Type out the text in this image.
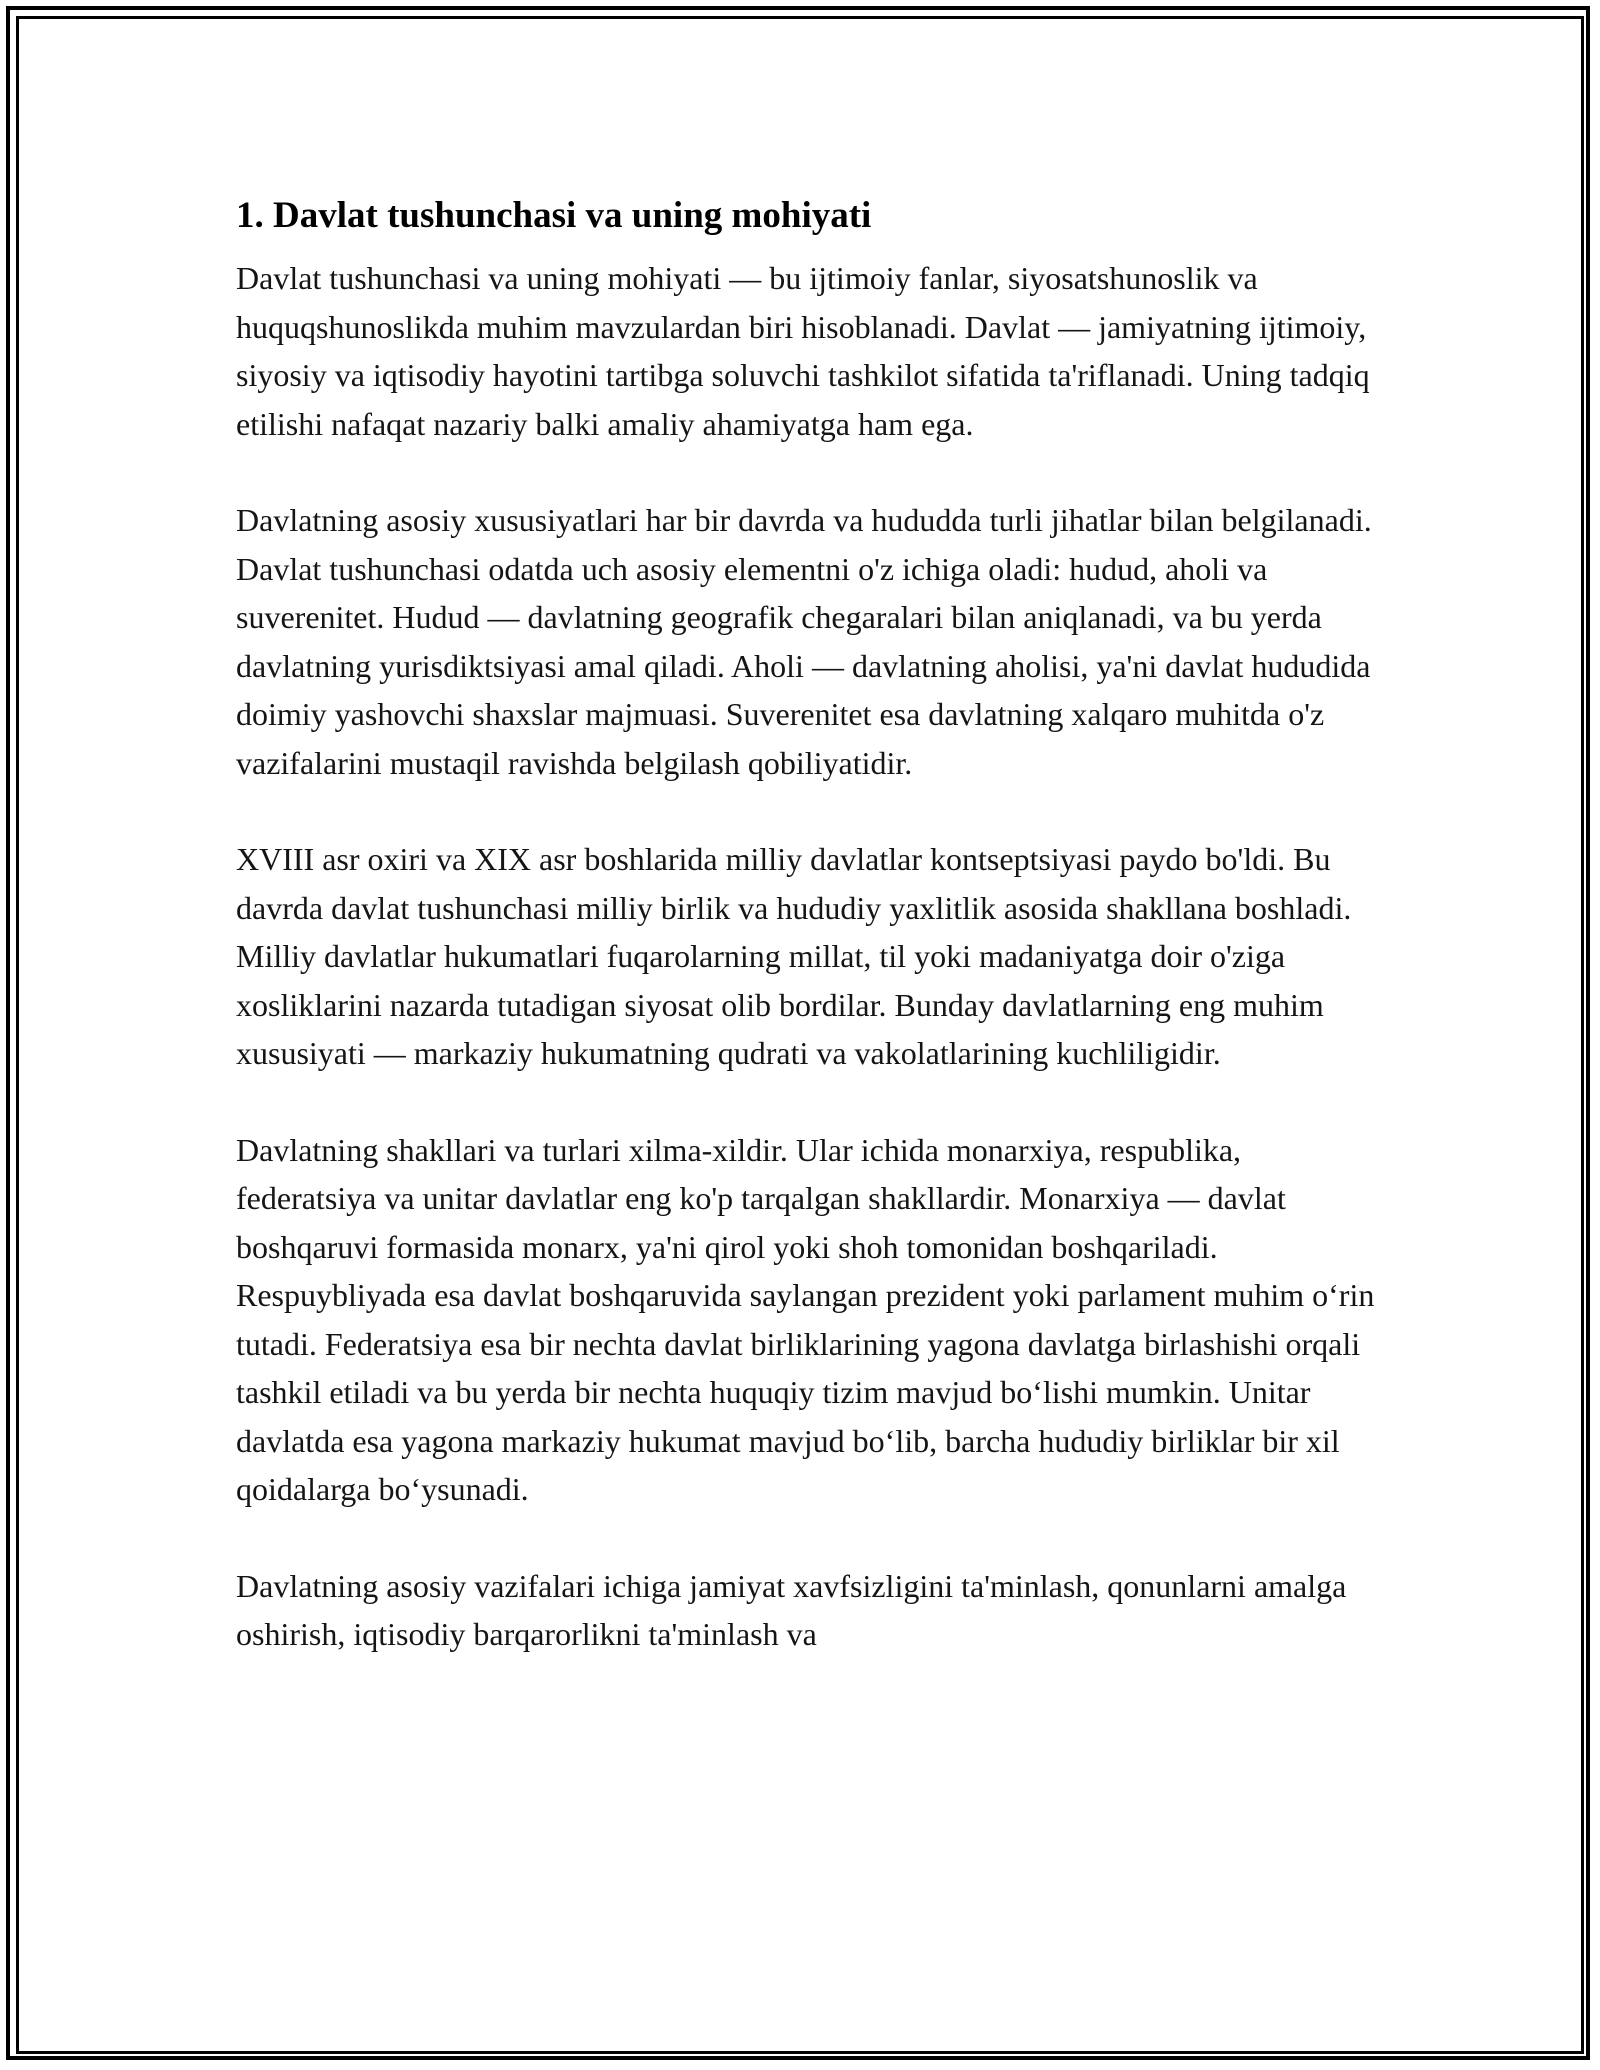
1. Davlat tushunchasi va uning mohiyati

Davlat tushunchasi va uning mohiyati — bu ijtimoiy fanlar, siyosatshunoslik va huquqshunoslikda muhim mavzulardan biri hisoblanadi. Davlat — jamiyatning ijtimoiy, siyosiy va iqtisodiy hayotini tartibga soluvchi tashkilot sifatida ta'riflanadi. Uning tadqiq etilishi nafaqat nazariy balki amaliy ahamiyatga ham ega.

Davlatning asosiy xususiyatlari har bir davrda va hududda turli jihatlar bilan belgilanadi. Davlat tushunchasi odatda uch asosiy elementni o'z ichiga oladi: hudud, aholi va suverenitet. Hudud — davlatning geografik chegaralari bilan aniqlanadi, va bu yerda davlatning yurisdiktsiyasi amal qiladi. Aholi — davlatning aholisi, ya'ni davlat hududida doimiy yashovchi shaxslar majmuasi. Suverenitet esa davlatning xalqaro muhitda o'z vazifalarini mustaqil ravishda belgilash qobiliyatidir.

XVIII asr oxiri va XIX asr boshlarida milliy davlatlar kontseptsiyasi paydo bo'ldi. Bu davrda davlat tushunchasi milliy birlik va hududiy yaxlitlik asosida shakllana boshladi. Milliy davlatlar hukumatlari fuqarolarning millat, til yoki madaniyatga doir o'ziga xosliklarini nazarda tutadigan siyosat olib bordilar. Bunday davlatlarning eng muhim xususiyati — markaziy hukumatning qudrati va vakolatlarining kuchliligidir.

Davlatning shakllari va turlari xilma-xildir. Ular ichida monarxiya, respublika, federatsiya va unitar davlatlar eng ko'p tarqalgan shakllardir. Monarxiya — davlat boshqaruvi formasida monarx, ya'ni qirol yoki shoh tomonidan boshqariladi. Respuybliyada esa davlat boshqaruvida saylangan prezident yoki parlament muhim o‘rin tutadi. Federatsiya esa bir nechta davlat birliklarining yagona davlatga birlashishi orqali tashkil etiladi va bu yerda bir nechta huquqiy tizim mavjud bo‘lishi mumkin. Unitar davlatda esa yagona markaziy hukumat mavjud bo‘lib, barcha hududiy birliklar bir xil qoidalarga bo‘ysunadi.

Davlatning asosiy vazifalari ichiga jamiyat xavfsizligini ta'minlash, qonunlarni amalga oshirish, iqtisodiy barqarorlikni ta'minlash va
